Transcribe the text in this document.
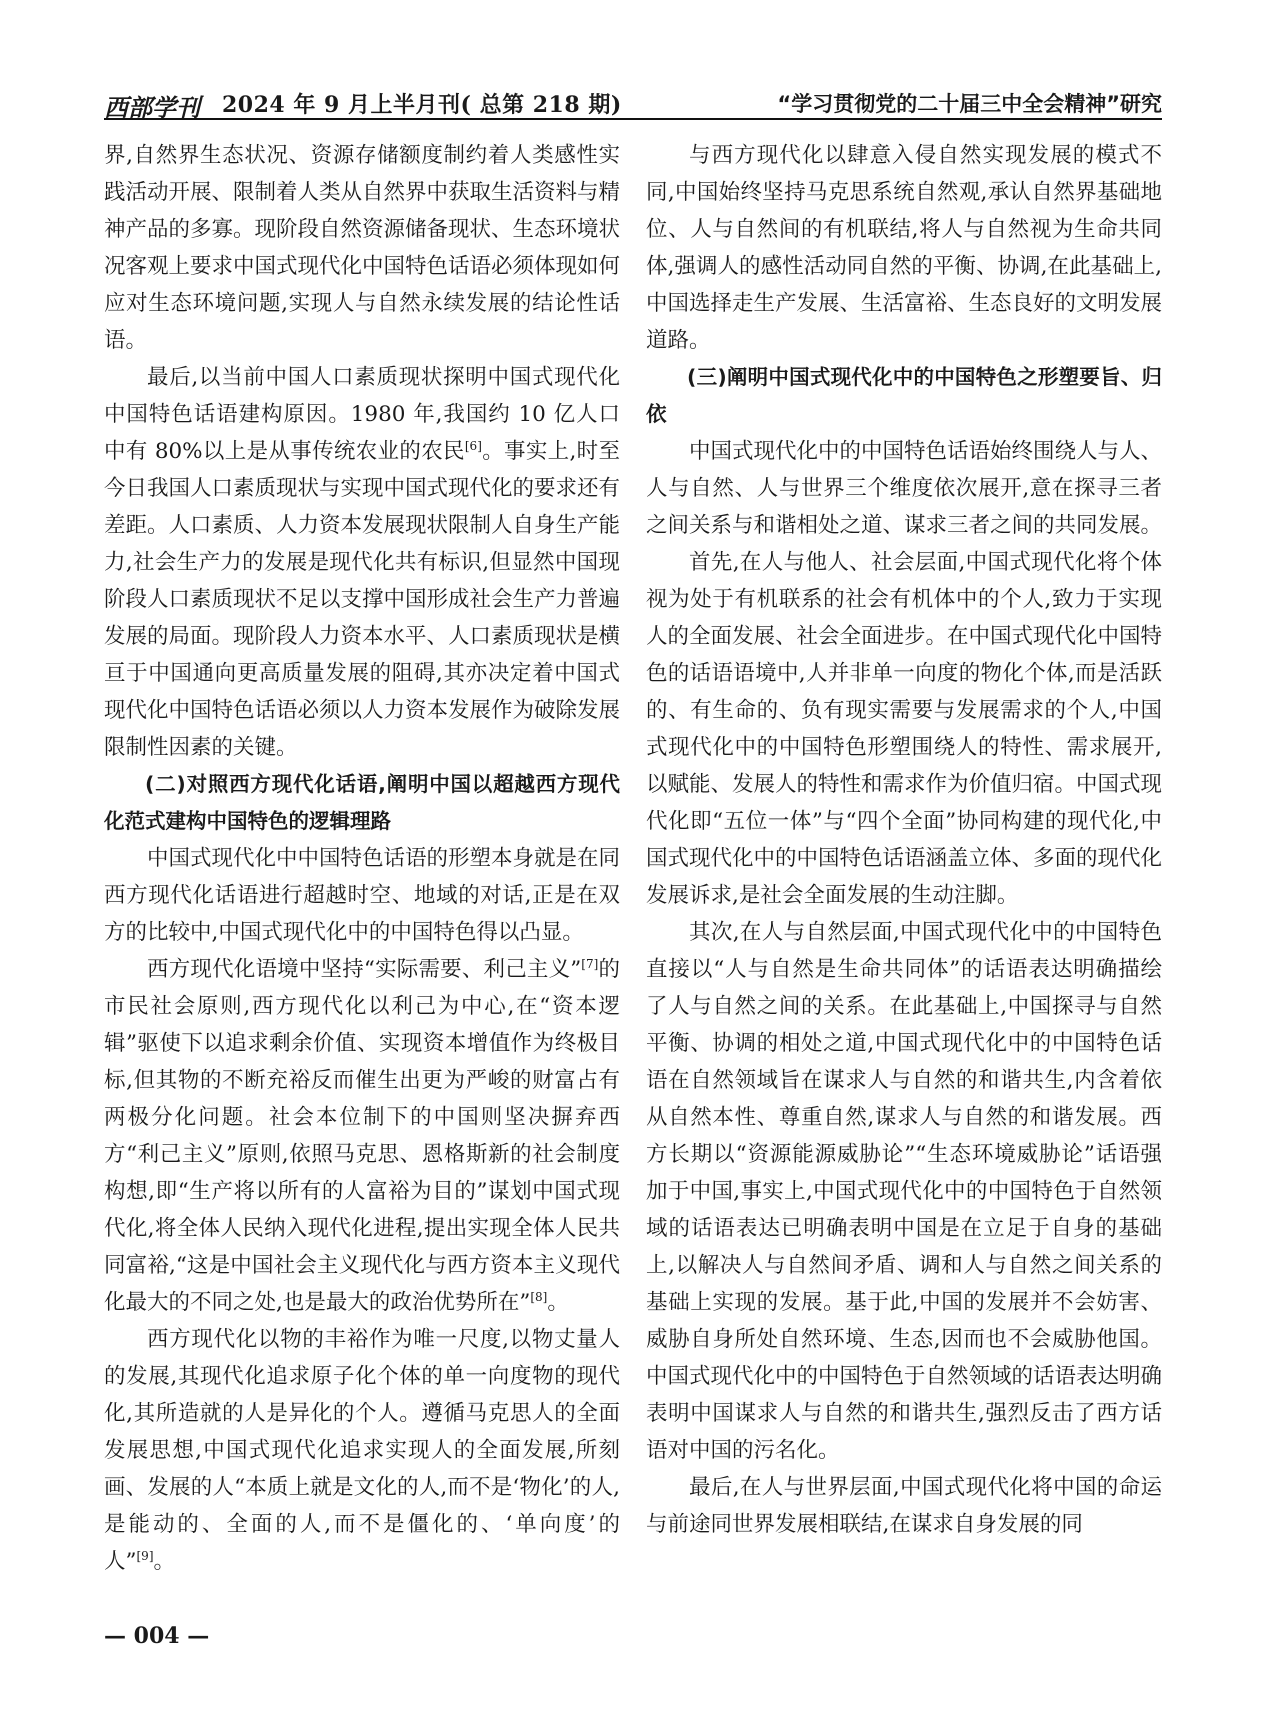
西部学刊 2024 年 9 月上半月刊( 总第 218 期)	“学习贯彻党的二十届三中全会精神”研究

界,自然界生态状况、资源存储额度制约着人类感性实践活动开展、限制着人类从自然界中获取生活资料与精神产品的多寡。现阶段自然资源储备现状、生态环境状况客观上要求中国式现代化中国特色话语必须体现如何应对生态环境问题,实现人与自然永续发展的结论性话语。

最后,以当前中国人口素质现状探明中国式现代化中国特色话语建构原因。1980 年,我国约 10 亿人口中有 80%以上是从事传统农业的农民[6]。事实上,时至今日我国人口素质现状与实现中国式现代化的要求还有差距。人口素质、人力资本发展现状限制人自身生产能力,社会生产力的发展是现代化共有标识,但显然中国现阶段人口素质现状不足以支撑中国形成社会生产力普遍发展的局面。现阶段人力资本水平、人口素质现状是横亘于中国通向更高质量发展的阻碍,其亦决定着中国式现代化中国特色话语必须以人力资本发展作为破除发展限制性因素的关键。

(二)对照西方现代化话语,阐明中国以超越西方现代化范式建构中国特色的逻辑理路

中国式现代化中中国特色话语的形塑本身就是在同西方现代化话语进行超越时空、地域的对话,正是在双方的比较中,中国式现代化中的中国特色得以凸显。

西方现代化语境中坚持“实际需要、利己主义”[7]的市民社会原则,西方现代化以利己为中心,在“资本逻辑”驱使下以追求剩余价值、实现资本增值作为终极目标,但其物的不断充裕反而催生出更为严峻的财富占有两极分化问题。社会本位制下的中国则坚决摒弃西方“利己主义”原则,依照马克思、恩格斯新的社会制度构想,即“生产将以所有的人富裕为目的”谋划中国式现代化,将全体人民纳入现代化进程,提出实现全体人民共同富裕,“这是中国社会主义现代化与西方资本主义现代化最大的不同之处,也是最大的政治优势所在”[8]。

西方现代化以物的丰裕作为唯一尺度,以物丈量人的发展,其现代化追求原子化个体的单一向度物的现代化,其所造就的人是异化的个人。遵循马克思人的全面发展思想,中国式现代化追求实现人的全面发展,所刻画、发展的人“本质上就是文化的人,而不是‘物化’的人,是能动的、全面的人,而不是僵化的、‘单向度’的人”[9]。

与西方现代化以肆意入侵自然实现发展的模式不同,中国始终坚持马克思系统自然观,承认自然界基础地位、人与自然间的有机联结,将人与自然视为生命共同体,强调人的感性活动同自然的平衡、协调,在此基础上,中国选择走生产发展、生活富裕、生态良好的文明发展道路。

(三)阐明中国式现代化中的中国特色之形塑要旨、归依

中国式现代化中的中国特色话语始终围绕人与人、人与自然、人与世界三个维度依次展开,意在探寻三者之间关系与和谐相处之道、谋求三者之间的共同发展。

首先,在人与他人、社会层面,中国式现代化将个体视为处于有机联系的社会有机体中的个人,致力于实现人的全面发展、社会全面进步。在中国式现代化中国特色的话语语境中,人并非单一向度的物化个体,而是活跃的、有生命的、负有现实需要与发展需求的个人,中国式现代化中的中国特色形塑围绕人的特性、需求展开,以赋能、发展人的特性和需求作为价值归宿。中国式现代化即“五位一体”与“四个全面”协同构建的现代化,中国式现代化中的中国特色话语涵盖立体、多面的现代化发展诉求,是社会全面发展的生动注脚。

其次,在人与自然层面,中国式现代化中的中国特色直接以“人与自然是生命共同体”的话语表达明确描绘了人与自然之间的关系。在此基础上,中国探寻与自然平衡、协调的相处之道,中国式现代化中的中国特色话语在自然领域旨在谋求人与自然的和谐共生,内含着依从自然本性、尊重自然,谋求人与自然的和谐发展。西方长期以“资源能源威胁论”“生态环境威胁论”话语强加于中国,事实上,中国式现代化中的中国特色于自然领域的话语表达已明确表明中国是在立足于自身的基础上,以解决人与自然间矛盾、调和人与自然之间关系的基础上实现的发展。基于此,中国的发展并不会妨害、威胁自身所处自然环境、生态,因而也不会威胁他国。中国式现代化中的中国特色于自然领域的话语表达明确表明中国谋求人与自然的和谐共生,强烈反击了西方话语对中国的污名化。

最后,在人与世界层面,中国式现代化将中国的命运与前途同世界发展相联结,在谋求自身发展的同

— 004 —
